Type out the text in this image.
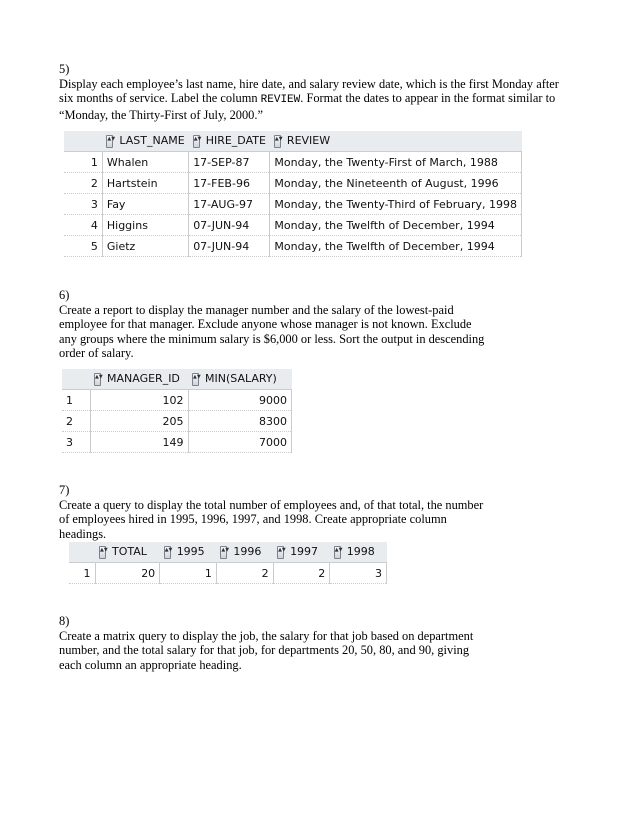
5)
Display each employee’s last name, hire date, and salary review date, which is the first Monday after
six months of service. Label the column REVIEW. Format the dates to appear in the format similar to
“Monday, the Thirty-First of July, 2000.”
	▲▼ LAST_NAME	▲▼ HIRE_DATE	▲▼ REVIEW
1	Whalen	17-SEP-87	Monday, the Twenty-First of March, 1988
2	Hartstein	17-FEB-96	Monday, the Nineteenth of August, 1996
3	Fay	17-AUG-97	Monday, the Twenty-Third of February, 1998
4	Higgins	07-JUN-94	Monday, the Twelfth of December, 1994
5	Gietz	07-JUN-94	Monday, the Twelfth of December, 1994
6)
Create a report to display the manager number and the salary of the lowest-paid
employee for that manager. Exclude anyone whose manager is not known. Exclude
any groups where the minimum salary is $6,000 or less. Sort the output in descending
order of salary.
	▲▼ MANAGER_ID	▲▼ MIN(SALARY)
1	102	9000
2	205	8300
3	149	7000
7)
Create a query to display the total number of employees and, of that total, the number
of employees hired in 1995, 1996, 1997, and 1998. Create appropriate column
headings.
	▲▼ TOTAL	▲▼ 1995	▲▼ 1996	▲▼ 1997	▲▼ 1998
1	20	1	2	2	3
8)
Create a matrix query to display the job, the salary for that job based on department
number, and the total salary for that job, for departments 20, 50, 80, and 90, giving
each column an appropriate heading.
